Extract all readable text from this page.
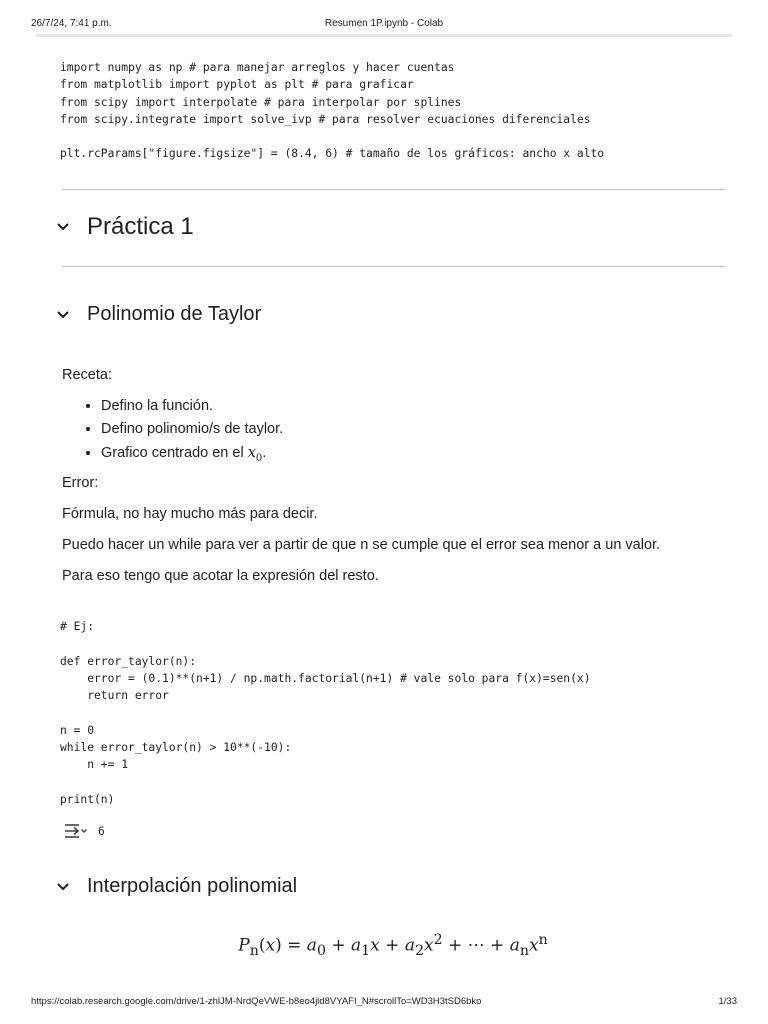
26/7/24, 7:41 p.m.	Resumen 1P.ipynb - Colab
import numpy as np # para manejar arreglos y hacer cuentas
from matplotlib import pyplot as plt # para graficar
from scipy import interpolate # para interpolar por splines
from scipy.integrate import solve_ivp # para resolver ecuaciones diferenciales

plt.rcParams["figure.figsize"] = (8.4, 6) # tamaño de los gráficos: ancho x alto
Práctica 1
Polinomio de Taylor
Receta:
• Defino la función.
• Defino polinomio/s de taylor.
• Grafico centrado en el $x_0$.
Error:
Fórmula, no hay mucho más para decir.
Puedo hacer un while para ver a partir de que n se cumple que el error sea menor a un valor.
Para eso tengo que acotar la expresión del resto.
# Ej:

def error_taylor(n):
error = (0.1)**(n+1) / np.math.factorial(n+1) # vale solo para f(x)=sen(x)
return error

n = 0
while error_taylor(n) > 10**(-10):
n += 1

print(n)
6
Interpolación polinomial
$P_n(x) = a_0 + a_1x + a_2x^2$ + ⋯ + $a_nx^n$
https://colab.research.google.com/drive/1-zhlJM-NrdQeVWE-b8eo4jld8VYAFI_N#scrollTo=WD3H3tSD6bko	1/33
